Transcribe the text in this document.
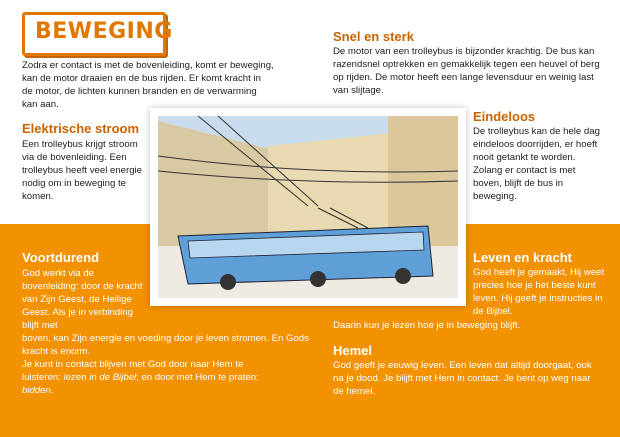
BEWEGING
Zodra er contact is met de bovenleiding, komt er beweging, kan de motor draaien en de bus rijden. Er komt kracht in de motor, de lichten kunnen branden en de verwarming kan aan.
Elektrische stroom
Een trolleybus krijgt stroom via de bovenleiding. Een trolleybus heeft veel energie nodig om in beweging te komen.
Snel en sterk
De motor van een trolleybus is bijzonder krachtig. De bus kan razendsnel optrekken en gemakkelijk tegen een heuvel of berg op rijden. De motor heeft een lange levensduur en weinig last van slijtage.
Eindeloos
De trolleybus kan de hele dag eindeloos doorrijden, er hoeft nooit getankt te worden. Zolang er contact is met boven, blijft de bus in beweging.
Voortdurend
God werkt via de bovenleiding: door de kracht van Zijn Geest, de Heilige Geest. Als je in verbinding blijft met
boven, kan Zijn energie en voeding door je leven stromen. En Gods kracht is enorm.
Je kunt in contact blijven met God door naar Hem te luisteren: lezen in de Bijbel; en door met Hem te praten: bidden.
Leven en kracht
God heeft je gemaakt, Hij weet precies hoe je het beste kunt leven. Hij geeft je instructies in de Bijbel.
Daarin kun je lezen hoe je in beweging blijft.
Hemel
God geeft je eeuwig leven. Een leven dat altijd doorgaat, ook na je dood. Je blijft met Hem in contact. Je bent op weg naar de hemel.
